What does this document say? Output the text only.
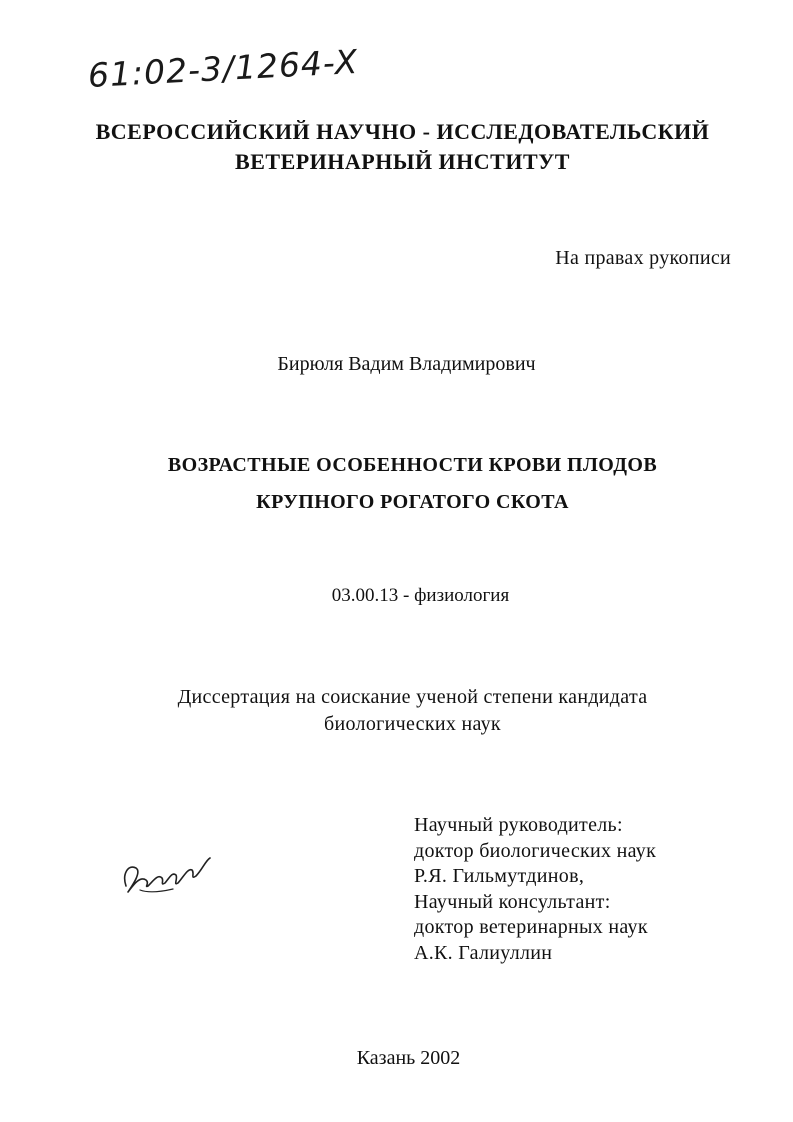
61:02-3/1264-X
ВСЕРОССИЙСКИЙ НАУЧНО - ИССЛЕДОВАТЕЛЬСКИЙ
ВЕТЕРИНАРНЫЙ ИНСТИТУТ
На правах рукописи
Бирюля Вадим Владимирович
ВОЗРАСТНЫЕ ОСОБЕННОСТИ КРОВИ ПЛОДОВ
КРУПНОГО РОГАТОГО СКОТА
03.00.13 - физиология
Диссертация на соискание ученой степени кандидата
биологических наук
Научный руководитель:
доктор биологических наук
Р.Я. Гильмутдинов,
Научный консультант:
доктор ветеринарных наук
А.К. Галиуллин
Казань 2002
